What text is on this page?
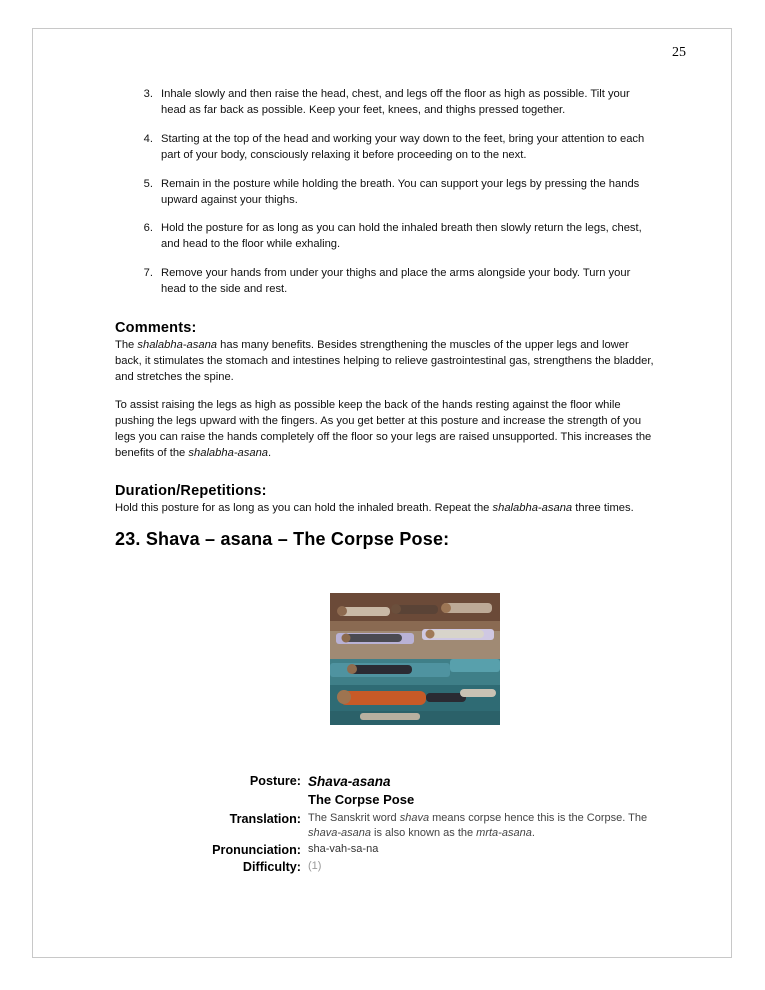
25
3. Inhale slowly and then raise the head, chest, and legs off the floor as high as possible. Tilt your head as far back as possible. Keep your feet, knees, and thighs pressed together.
4. Starting at the top of the head and working your way down to the feet, bring your attention to each part of your body, consciously relaxing it before proceeding on to the next.
5. Remain in the posture while holding the breath. You can support your legs by pressing the hands upward against your thighs.
6. Hold the posture for as long as you can hold the inhaled breath then slowly return the legs, chest, and head to the floor while exhaling.
7. Remove your hands from under your thighs and place the arms alongside your body. Turn your head to the side and rest.
Comments:

The shalabha-asana has many benefits. Besides strengthening the muscles of the upper legs and lower back, it stimulates the stomach and intestines helping to relieve gastrointestinal gas, strengthens the bladder, and stretches the spine.

To assist raising the legs as high as possible keep the back of the hands resting against the floor while pushing the legs upward with the fingers. As you get better at this posture and increase the strength of you legs you can raise the hands completely off the floor so your legs are raised unsupported. This increases the benefits of the shalabha-asana.

Duration/Repetitions:

Hold this posture for as long as you can hold the inhaled breath. Repeat the shalabha-asana three times.

23. Shava – asana – The Corpse Pose:
Posture: Shava-asana
The Corpse Pose
Translation: The Sanskrit word shava means corpse hence this is the Corpse. The shava-asana is also known as the mrta-asana.
Pronunciation: sha-vah-sa-na
Difficulty: (1)
